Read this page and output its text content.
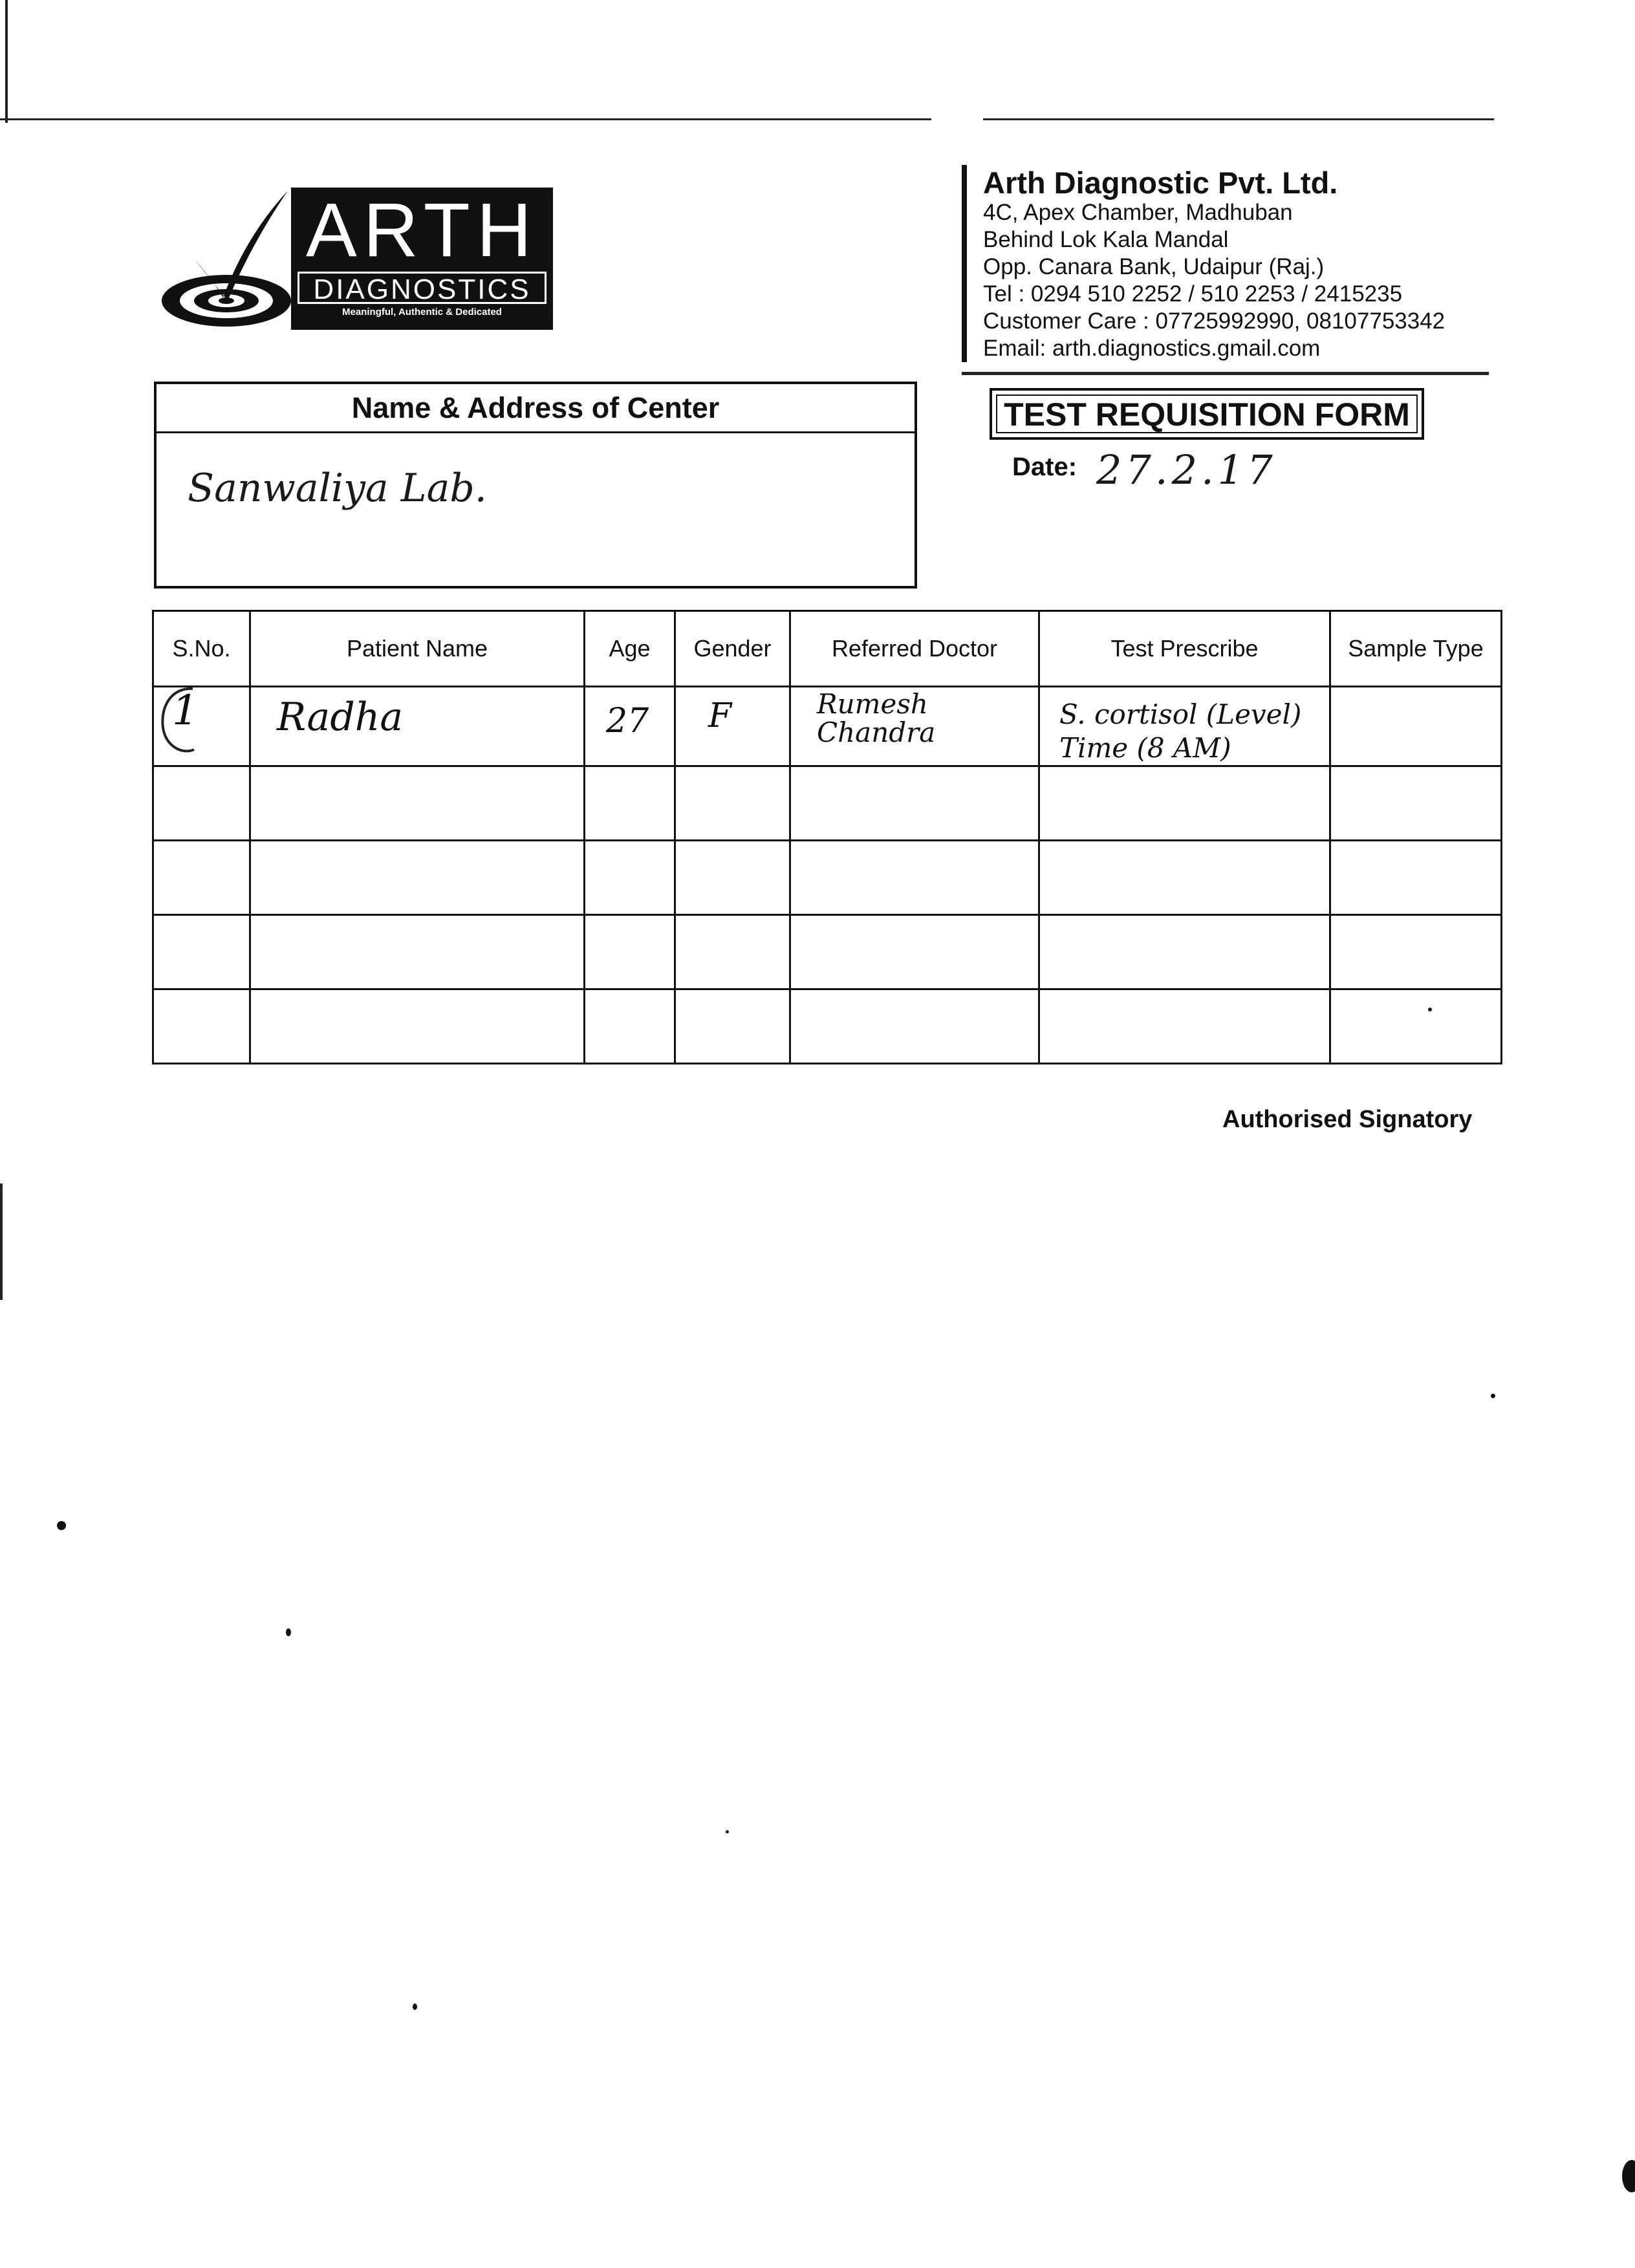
ARTH
DIAGNOSTICS
Meaningful, Authentic & Dedicated
Arth Diagnostic Pvt. Ltd.
4C, Apex Chamber, Madhuban
Behind Lok Kala Mandal
Opp. Canara Bank, Udaipur (Raj.)
Tel : 0294 510 2252 / 510 2253 / 2415235
Customer Care : 07725992990, 08107753342
Email: arth.diagnostics.gmail.com
Name & Address of Center
Sanwaliya Lab.
TEST REQUISITION FORM
Date: 27.2.17
S.No.	Patient Name	Age	Gender	Referred Doctor	Test Prescribe	Sample Type

1	Radha	27	F	Rumesh Chandra	S. cortisol (Level) Time (8 AM)	

Authorised Signatory
